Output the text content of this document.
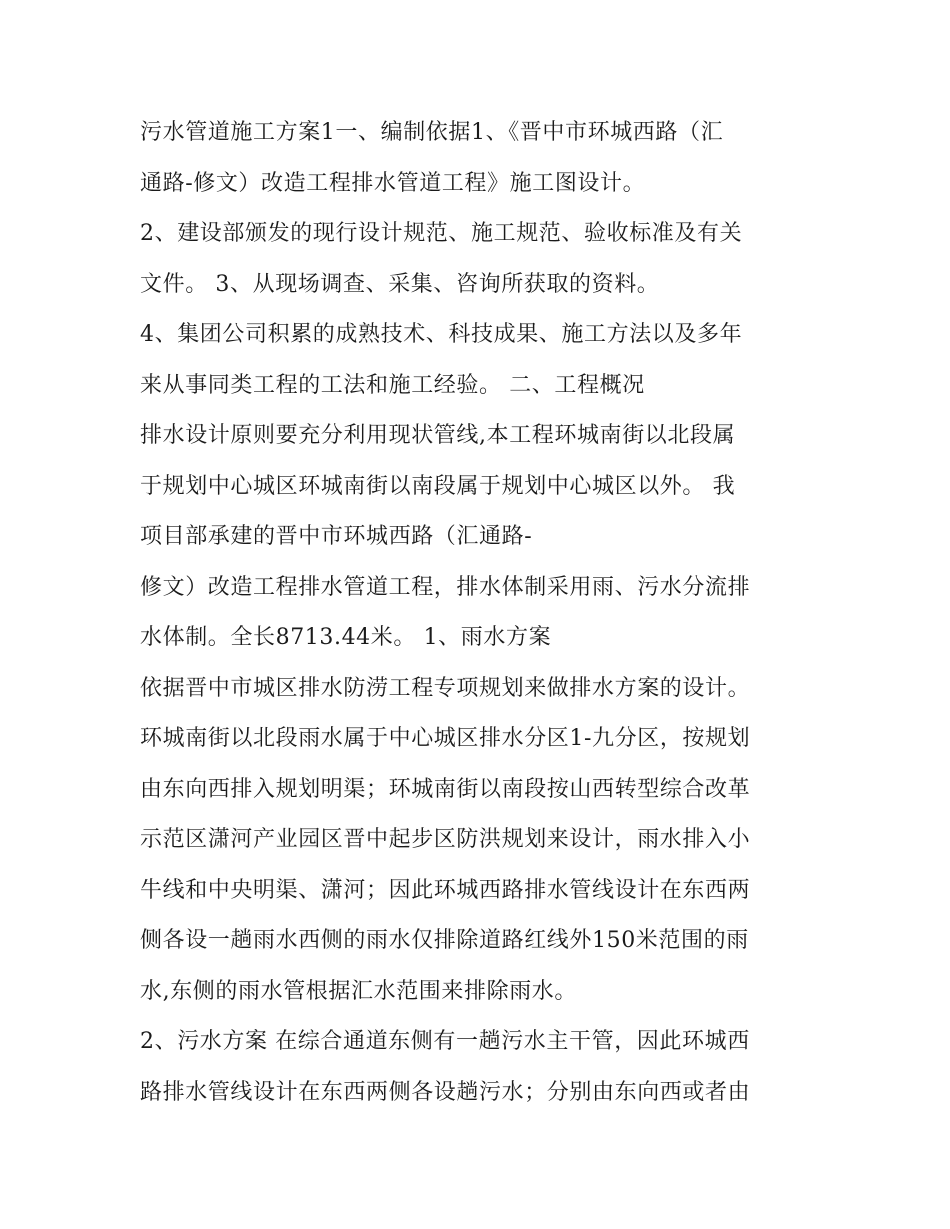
污水管道施工方案1一、编制依据1、《晋中市环城西路（汇
通路-修文）改造工程排水管道工程》施工图设计。
2、建设部颁发的现行设计规范、施工规范、验收标准及有关
文件。 3、从现场调查、采集、咨询所获取的资料。
4、集团公司积累的成熟技术、科技成果、施工方法以及多年
来从事同类工程的工法和施工经验。 二、工程概况
排水设计原则要充分利用现状管线,本工程环城南街以北段属
于规划中心城区环城南街以南段属于规划中心城区以外。 我
项目部承建的晋中市环城西路（汇通路-
修文）改造工程排水管道工程，排水体制采用雨、污水分流排
水体制。全长8713.44米。 1、雨水方案
依据晋中市城区排水防涝工程专项规划来做排水方案的设计。
环城南街以北段雨水属于中心城区排水分区1-九分区，按规划
由东向西排入规划明渠；环城南街以南段按山西转型综合改革
示范区潇河产业园区晋中起步区防洪规划来设计，雨水排入小
牛线和中央明渠、潇河；因此环城西路排水管线设计在东西两
侧各设一趟雨水西侧的雨水仅排除道路红线外150米范围的雨
水,东侧的雨水管根据汇水范围来排除雨水。
2、污水方案 在综合通道东侧有一趟污水主干管，因此环城西
路排水管线设计在东西两侧各设趟污水；分别由东向西或者由
